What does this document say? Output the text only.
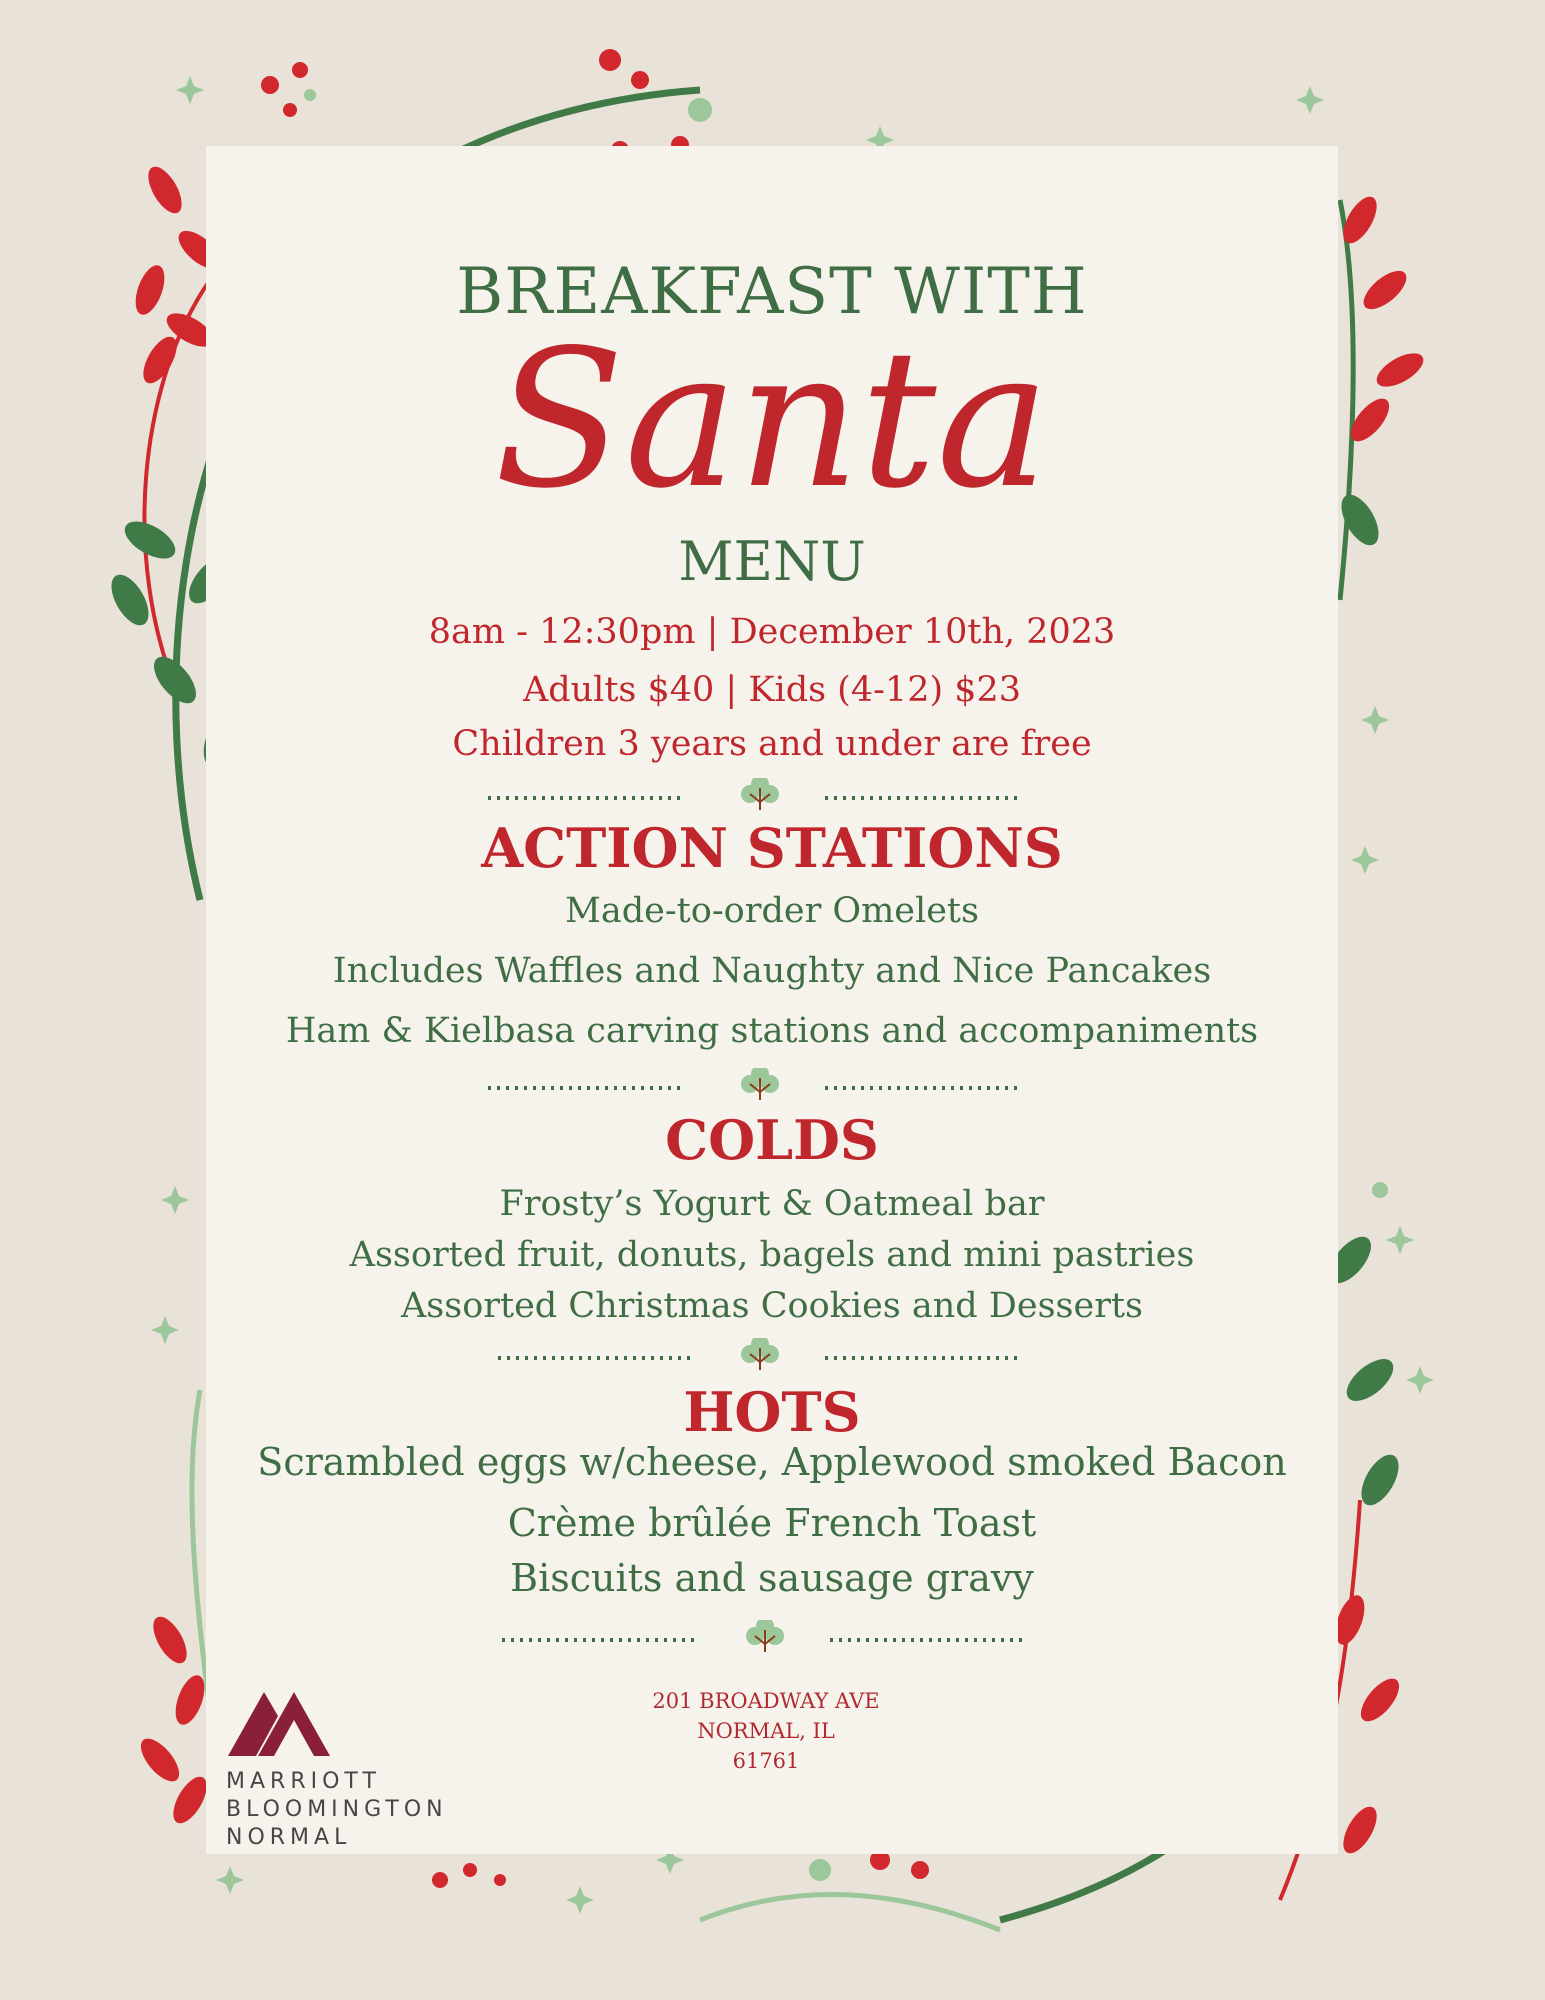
BREAKFAST WITH
Santa
MENU
8am - 12:30pm | December 10th, 2023
Adults $40 | Kids (4-12) $23
Children 3 years and under are free
ACTION STATIONS
Made-to-order Omelets
Includes Waffles and Naughty and Nice Pancakes
Ham & Kielbasa carving stations and accompaniments
COLDS
Frosty’s Yogurt & Oatmeal bar
Assorted fruit, donuts, bagels and mini pastries
Assorted Christmas Cookies and Desserts
HOTS
Scrambled eggs w/cheese, Applewood smoked Bacon
Crème brûlée French Toast
Biscuits and sausage gravy
201 BROADWAY AVE
NORMAL, IL
61761
MARRIOTT
BLOOMINGTON
NORMAL
